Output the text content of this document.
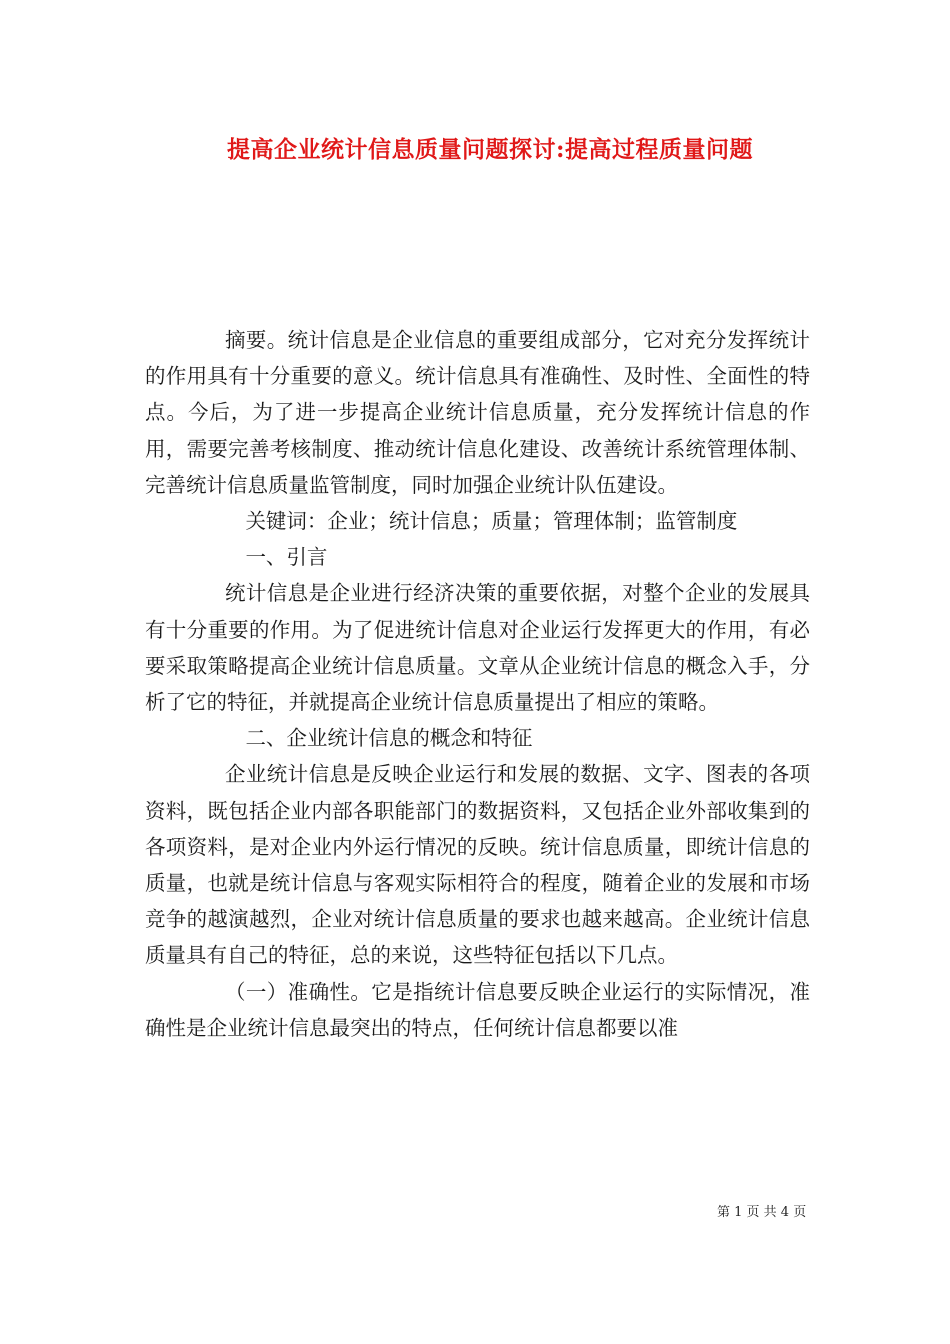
提高企业统计信息质量问题探讨:提高过程质量问题

摘要。统计信息是企业信息的重要组成部分，它对充分发挥统计的作用具有十分重要的意义。统计信息具有准确性、及时性、全面性的特点。今后，为了进一步提高企业统计信息质量，充分发挥统计信息的作用，需要完善考核制度、推动统计信息化建设、改善统计系统管理体制、完善统计信息质量监管制度，同时加强企业统计队伍建设。

关键词：企业；统计信息；质量；管理体制；监管制度

一、引言

统计信息是企业进行经济决策的重要依据，对整个企业的发展具有十分重要的作用。为了促进统计信息对企业运行发挥更大的作用，有必要采取策略提高企业统计信息质量。文章从企业统计信息的概念入手，分析了它的特征，并就提高企业统计信息质量提出了相应的策略。

二、企业统计信息的概念和特征

企业统计信息是反映企业运行和发展的数据、文字、图表的各项资料，既包括企业内部各职能部门的数据资料，又包括企业外部收集到的各项资料，是对企业内外运行情况的反映。统计信息质量，即统计信息的质量，也就是统计信息与客观实际相符合的程度，随着企业的发展和市场竞争的越演越烈，企业对统计信息质量的要求也越来越高。企业统计信息质量具有自己的特征，总的来说，这些特征包括以下几点。

（一）准确性。它是指统计信息要反映企业运行的实际情况，准确性是企业统计信息最突出的特点，任何统计信息都要以准

第 1 页 共 4 页
